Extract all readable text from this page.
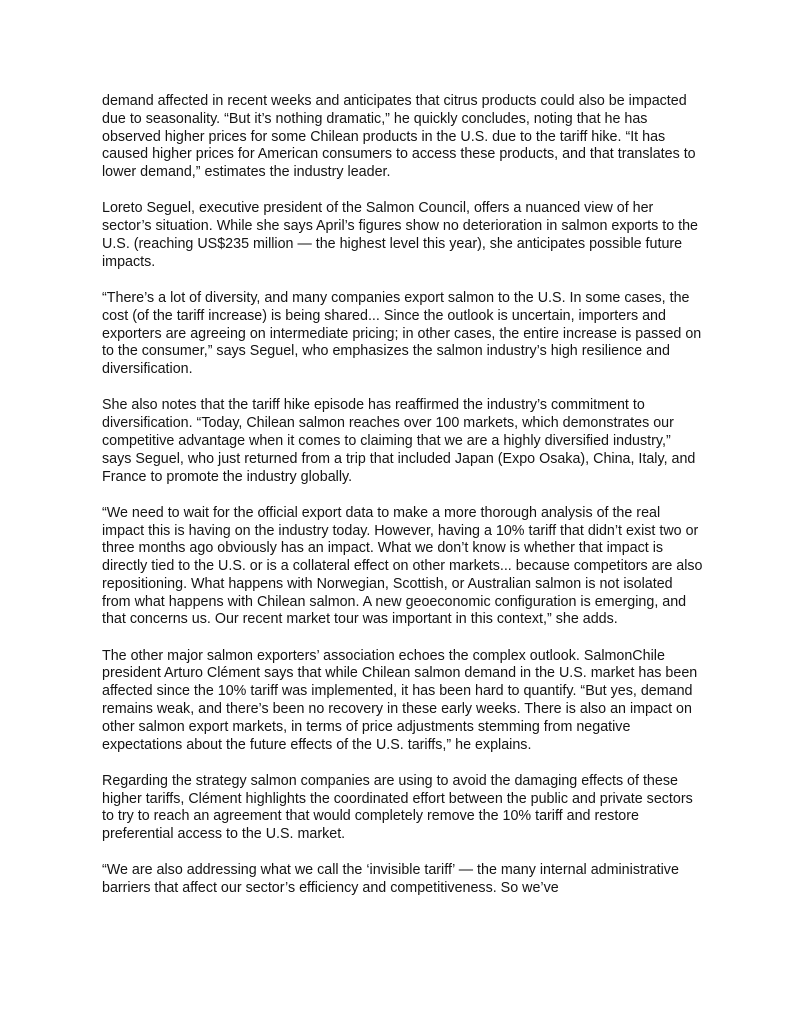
demand affected in recent weeks and anticipates that citrus products could also be impacted due to seasonality. “But it’s nothing dramatic,” he quickly concludes, noting that he has observed higher prices for some Chilean products in the U.S. due to the tariff hike. “It has caused higher prices for American consumers to access these products, and that translates to lower demand,” estimates the industry leader.

Loreto Seguel, executive president of the Salmon Council, offers a nuanced view of her sector’s situation. While she says April’s figures show no deterioration in salmon exports to the U.S. (reaching US$235 million — the highest level this year), she anticipates possible future impacts.

“There’s a lot of diversity, and many companies export salmon to the U.S. In some cases, the cost (of the tariff increase) is being shared... Since the outlook is uncertain, importers and exporters are agreeing on intermediate pricing; in other cases, the entire increase is passed on to the consumer,” says Seguel, who emphasizes the salmon industry’s high resilience and diversification.

She also notes that the tariff hike episode has reaffirmed the industry’s commitment to diversification. “Today, Chilean salmon reaches over 100 markets, which demonstrates our competitive advantage when it comes to claiming that we are a highly diversified industry,” says Seguel, who just returned from a trip that included Japan (Expo Osaka), China, Italy, and France to promote the industry globally.

“We need to wait for the official export data to make a more thorough analysis of the real impact this is having on the industry today. However, having a 10% tariff that didn’t exist two or three months ago obviously has an impact. What we don’t know is whether that impact is directly tied to the U.S. or is a collateral effect on other markets... because competitors are also repositioning. What happens with Norwegian, Scottish, or Australian salmon is not isolated from what happens with Chilean salmon. A new geoeconomic configuration is emerging, and that concerns us. Our recent market tour was important in this context,” she adds.

The other major salmon exporters’ association echoes the complex outlook. SalmonChile president Arturo Clément says that while Chilean salmon demand in the U.S. market has been affected since the 10% tariff was implemented, it has been hard to quantify. “But yes, demand remains weak, and there’s been no recovery in these early weeks. There is also an impact on other salmon export markets, in terms of price adjustments stemming from negative expectations about the future effects of the U.S. tariffs,” he explains.

Regarding the strategy salmon companies are using to avoid the damaging effects of these higher tariffs, Clément highlights the coordinated effort between the public and private sectors to try to reach an agreement that would completely remove the 10% tariff and restore preferential access to the U.S. market.

“We are also addressing what we call the ‘invisible tariff’ — the many internal administrative barriers that affect our sector’s efficiency and competitiveness. So we’ve
